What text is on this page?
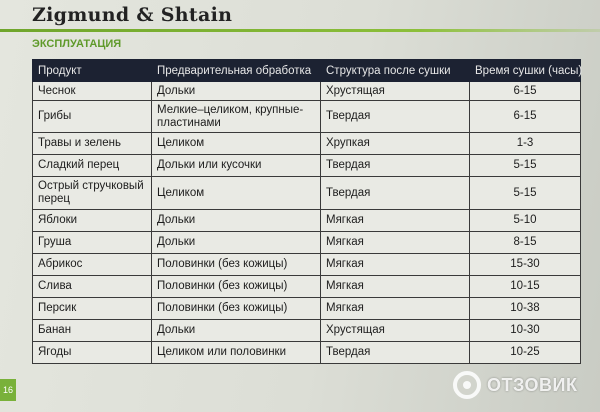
Zigmund & Shtain
ЭКСПЛУАТАЦИЯ
Продукт	Предварительная обработка	Структура после сушки	Время сушки (часы)
Чеснок	Дольки	Хрустящая	6-15
Грибы	Мелкие–целиком, крупные-пластинами	Твердая	6-15
Травы и зелень	Целиком	Хрупкая	1-3
Сладкий перец	Дольки или кусочки	Твердая	5-15
Острый стручковый перец	Целиком	Твердая	5-15
Яблоки	Дольки	Мягкая	5-10
Груша	Дольки	Мягкая	8-15
Абрикос	Половинки (без кожицы)	Мягкая	15-30
Слива	Половинки (без кожицы)	Мягкая	10-15
Персик	Половинки (без кожицы)	Мягкая	10-38
Банан	Дольки	Хрустящая	10-30
Ягоды	Целиком или половинки	Твердая	10-25
16	ОТЗОВИК
